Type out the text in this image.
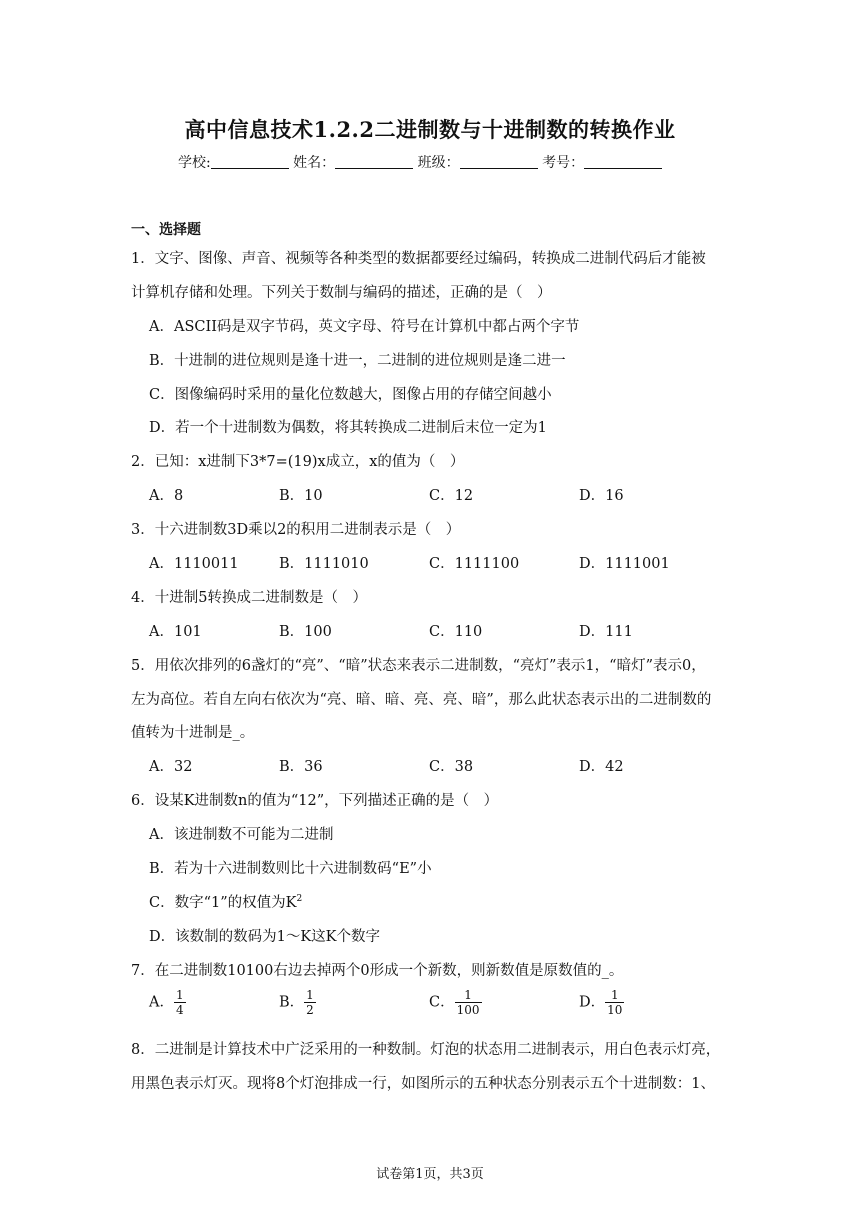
高中信息技术1.2.2二进制数与十进制数的转换作业
学校:	姓名：	班级：	考号：
一、选择题
1．文字、图像、声音、视频等各种类型的数据都要经过编码，转换成二进制代码后才能被
计算机存储和处理。下列关于数制与编码的描述，正确的是（　）
A．ASCII码是双字节码，英文字母、符号在计算机中都占两个字节
B．十进制的进位规则是逢十进一，二进制的进位规则是逢二进一
C．图像编码时采用的量化位数越大，图像占用的存储空间越小
D．若一个十进制数为偶数，将其转换成二进制后末位一定为1
2．已知：x进制下3*7=(19)x成立，x的值为（　）
A．8	B．10	C．12	D．16
3．十六进制数3D乘以2的积用二进制表示是（　）
A．1110011	B．1111010	C．1111100	D．1111001
4．十进制5转换成二进制数是（　）
A．101	B．100	C．110	D．111
5．用依次排列的6盏灯的“亮”、“暗”状态来表示二进制数，“亮灯”表示1，“暗灯”表示0，
左为高位。若自左向右依次为“亮、暗、暗、亮、亮、暗”，那么此状态表示出的二进制数的
值转为十进制是_。
A．32	B．36	C．38	D．42
6．设某K进制数n的值为“12”，下列描述正确的是（　）
A．该进制数不可能为二进制
B．若为十六进制数则比十六进制数码“E”小
C．数字“1”的权值为$K^2$
D．该数制的数码为1～K这K个数字
7．在二进制数10100右边去掉两个0形成一个新数，则新数值是原数值的_。
A． $\frac{1}{4}$	B． $\frac{1}{2}$	C． $\frac{1}{100}$	D． $\frac{1}{10}$
8．二进制是计算技术中广泛采用的一种数制。灯泡的状态用二进制表示，用白色表示灯亮，
用黑色表示灯灭。现将8个灯泡排成一行，如图所示的五种状态分别表示五个十进制数：1、
试卷第1页，共3页
